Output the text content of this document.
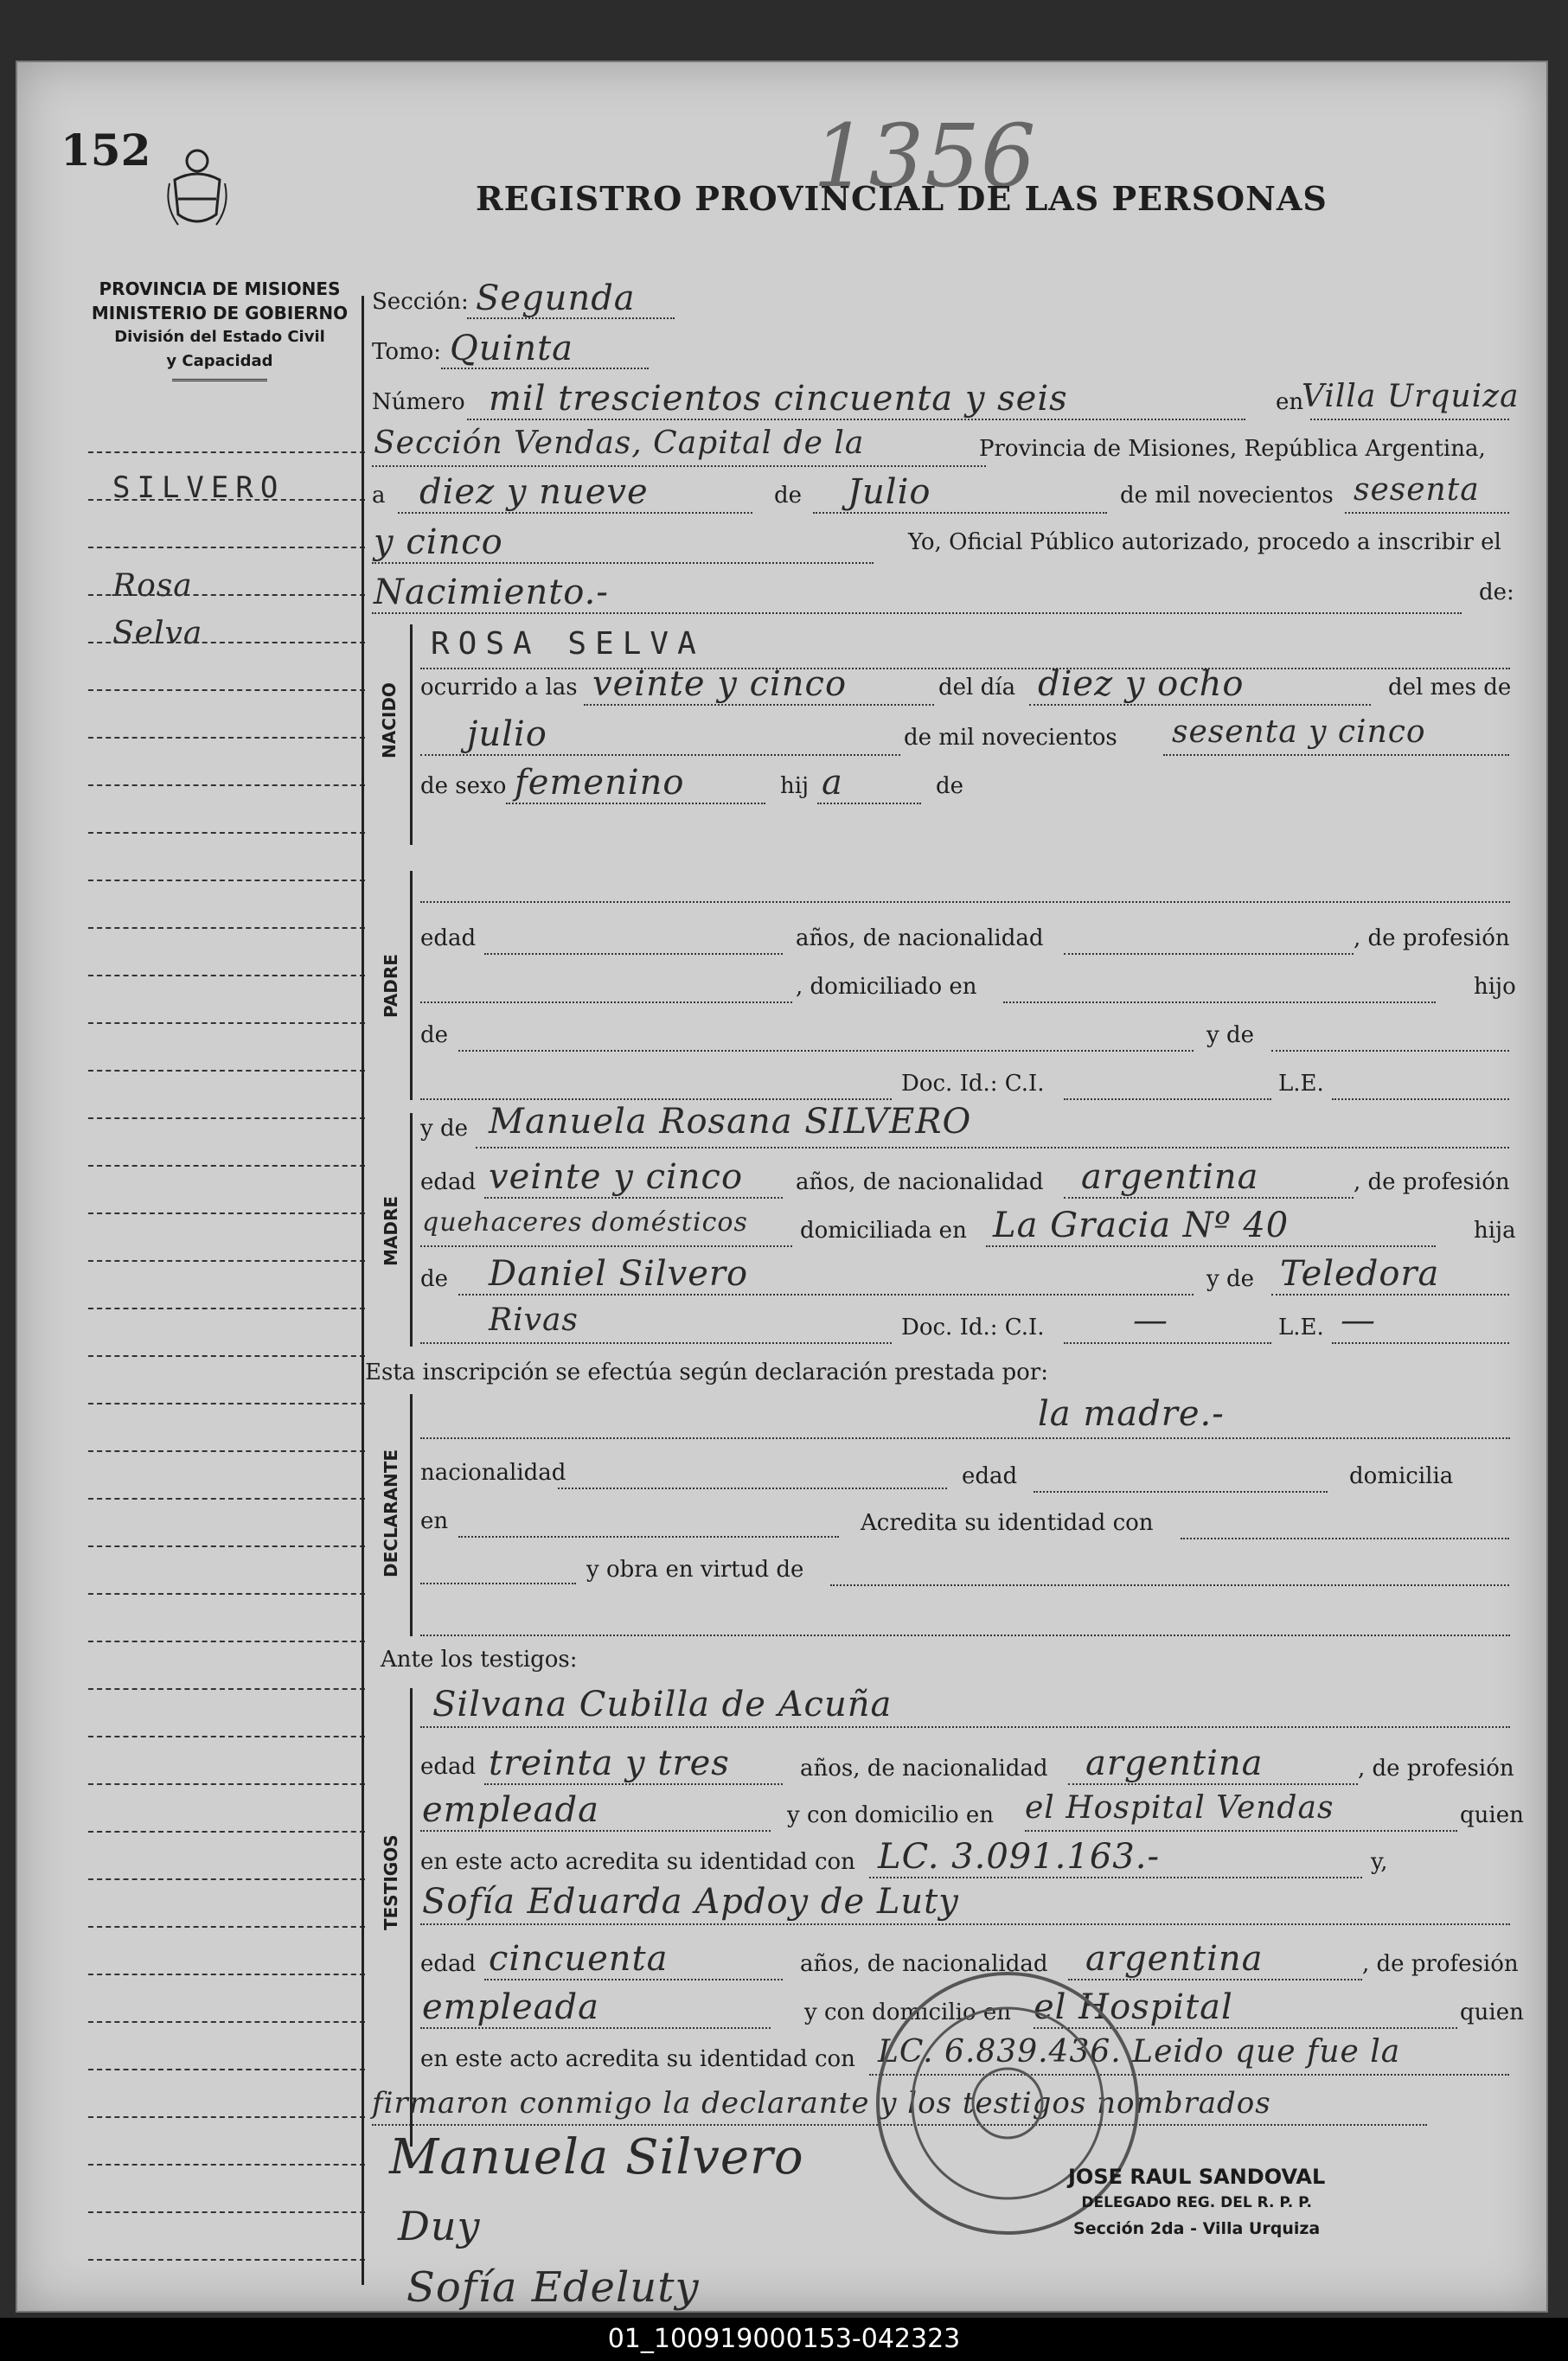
152	1356
REGISTRO PROVINCIAL DE LAS PERSONAS
PROVINCIA DE MISIONES
MINISTERIO DE GOBIERNO
División del Estado Civil
y Capacidad
SILVERO
Rosa
Selva
Sección: Segunda
Tomo: Quinta
Número mil trescientos cincuenta y seis	en
Villa Urquiza
Sección Vendas, Capital de la	Provincia de Misiones, República Argentina,
a diez y nueve	de Julio	de mil novecientos sesenta
y cinco	Yo, Oficial Público autorizado, procedo a inscribir el
Nacimiento.-	de:
NACIDO
ROSA SELVA
ocurrido a las veinte y cinco	del día diez y ocho	del mes de
julio	de mil novecientos sesenta y cinco
de sexo femenino	hij a	de
PADRE
edad	años, de nacionalidad	, de profesión
, domiciliado en	hijo
de	y de
Doc. Id.: C.I.	L.E.
MADRE
y de Manuela Rosana SILVERO
edad veinte y cinco años, de nacionalidad argentina	, de profesión
quehaceres domésticos domiciliada en La Gracia Nº 40	hija
de Daniel Silvero	y de Teledora
Rivas	Doc. Id.: C.I.	—	L.E. —
Esta inscripción se efectúa según declaración prestada por:
DECLARANTE
la madre.-
nacionalidad	edad	domicilia
en	Acredita su identidad con
y obra en virtud de
Ante los testigos:
TESTIGOS
Silvana Cubilla de Acuña
edad treinta y tres	años, de nacionalidad argentina	, de profesión
empleada	y con domicilio en el Hospital Vendas	quien
en este acto acredita su identidad con LC. 3.091.163.-	y,
Sofía Eduarda Apdoy de Luty
edad cincuenta	años, de nacionalidad argentina	, de profesión
empleada	y con domicilio en el Hospital	quien
en este acto acredita su identidad con LC. 6.839.436. Leido que fue la
firmaron conmigo la declarante y los testigos nombrados
Manuela Silvero
Duy
Sofía Edeluty
JOSE RAUL SANDOVAL
DELEGADO REG. DEL R. P. P.
Sección 2da - Villa Urquiza
01_100919000153-042323
